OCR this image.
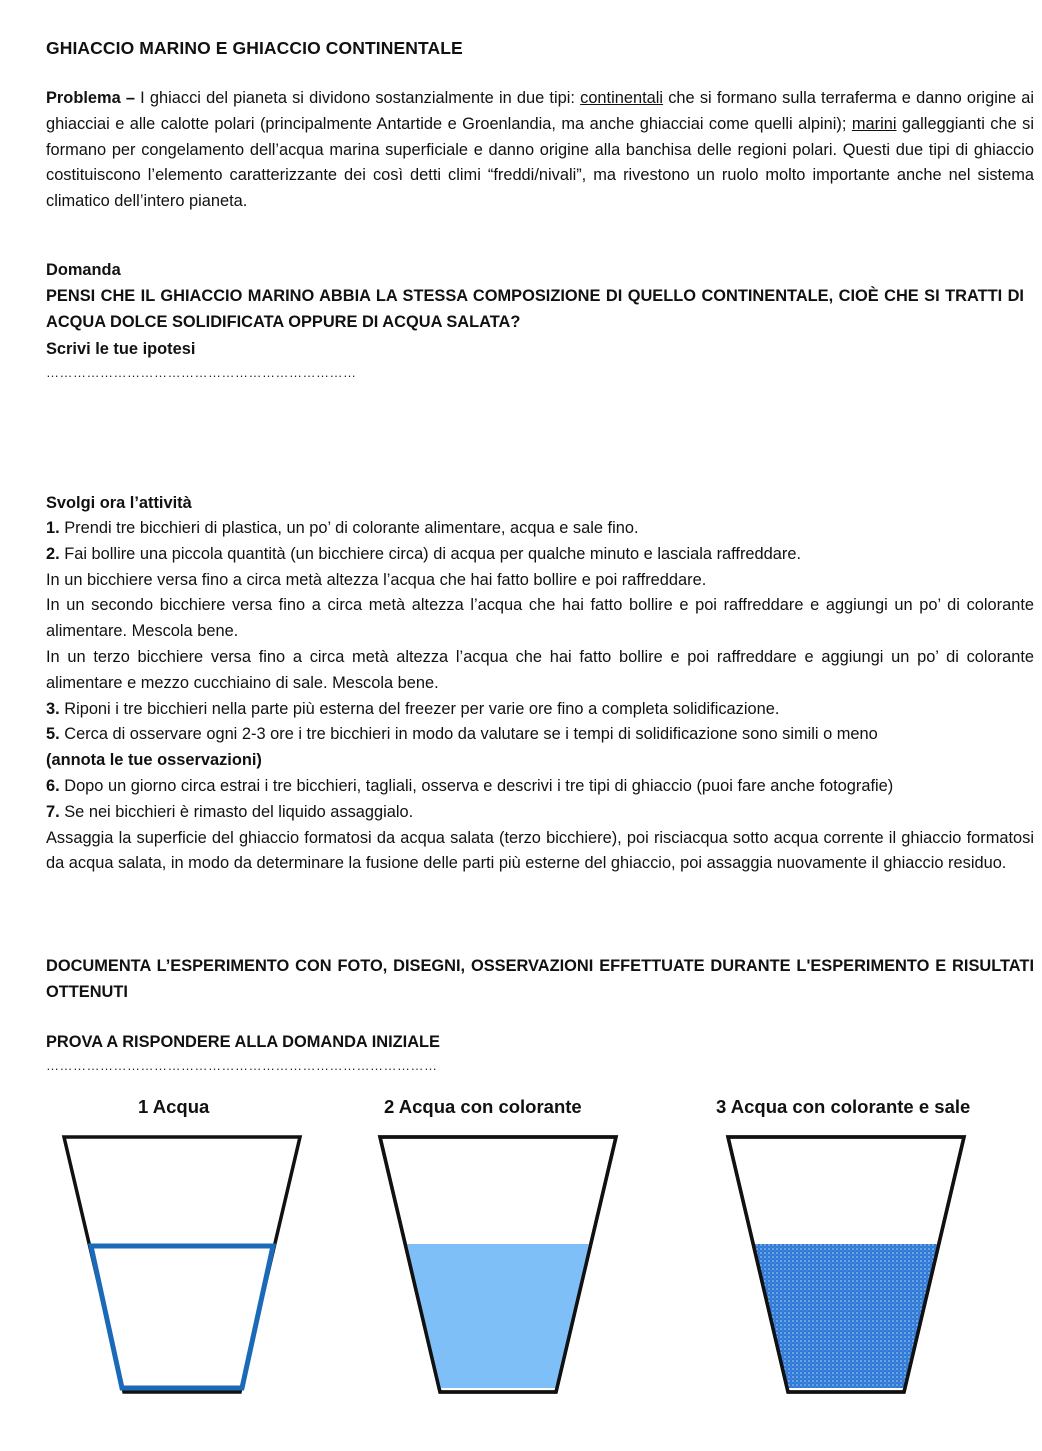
GHIACCIO MARINO E GHIACCIO CONTINENTALE
Problema – I ghiacci del pianeta si dividono sostanzialmente in due tipi: continentali che si formano sulla terraferma e danno origine ai ghiacciai e alle calotte polari (principalmente Antartide e Groenlandia, ma anche ghiacciai come quelli alpini); marini galleggianti che si formano per congelamento dell’acqua marina superficiale e danno origine alla banchisa delle regioni polari. Questi due tipi di ghiaccio costituiscono l’elemento caratterizzante dei così detti climi “freddi/nivali”, ma rivestono un ruolo molto importante anche nel sistema climatico dell’intero pianeta.
Domanda
PENSI CHE IL GHIACCIO MARINO ABBIA LA STESSA COMPOSIZIONE DI QUELLO CONTINENTALE, CIOÈ CHE SI TRATTI DI ACQUA DOLCE SOLIDIFICATA OPPURE DI ACQUA SALATA?
Scrivi le tue ipotesi
……………………………………………………………
Svolgi ora l’attività
1. Prendi tre bicchieri di plastica, un po’ di colorante alimentare, acqua e sale fino.
2. Fai bollire una piccola quantità (un bicchiere circa) di acqua per qualche minuto e lasciala raffreddare.
In un bicchiere versa fino a circa metà altezza l’acqua che hai fatto bollire e poi raffreddare.
In un secondo bicchiere versa fino a circa metà altezza l’acqua che hai fatto bollire e poi raffreddare e aggiungi un po’ di colorante alimentare. Mescola bene.
In un terzo bicchiere versa fino a circa metà altezza l’acqua che hai fatto bollire e poi raffreddare e aggiungi un po’ di colorante alimentare e mezzo cucchiaino di sale. Mescola bene.
3. Riponi i tre bicchieri nella parte più esterna del freezer per varie ore fino a completa solidificazione.
5. Cerca di osservare ogni 2-3 ore i tre bicchieri in modo da valutare se i tempi di solidificazione sono simili o meno
(annota le tue osservazioni)
6. Dopo un giorno circa estrai i tre bicchieri, tagliali, osserva e descrivi i tre tipi di ghiaccio (puoi fare anche fotografie)
7. Se nei bicchieri è rimasto del liquido assaggialo.
Assaggia la superficie del ghiaccio formatosi da acqua salata (terzo bicchiere), poi risciacqua sotto acqua corrente il ghiaccio formatosi da acqua salata, in modo da determinare la fusione delle parti più esterne del ghiaccio, poi assaggia nuovamente il ghiaccio residuo.
DOCUMENTA L’ESPERIMENTO CON FOTO, DISEGNI, OSSERVAZIONI EFFETTUATE DURANTE L'ESPERIMENTO E RISULTATI OTTENUTI
PROVA A RISPONDERE ALLA DOMANDA INIZIALE
……………………………………………………………………………
1 Acqua	2 Acqua con colorante	3 Acqua con colorante e sale
